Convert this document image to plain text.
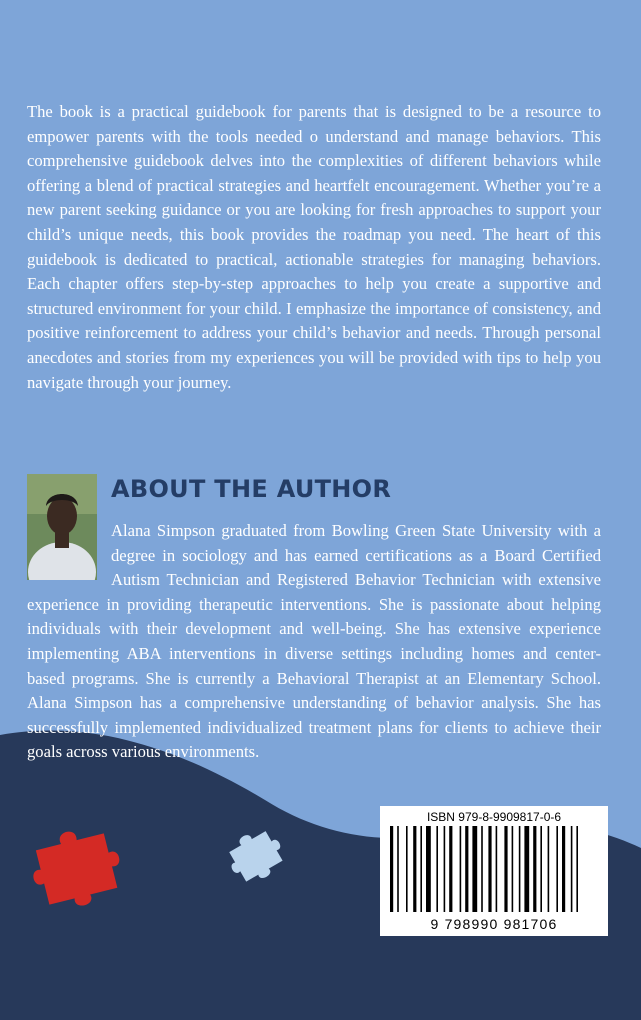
The book is a practical guidebook for parents that is designed to be a resource to empower parents with the tools needed o understand and manage behaviors. This comprehensive guidebook delves into the complexities of different behaviors while offering a blend of practical strategies and heartfelt encouragement. Whether you’re a new parent seeking guidance or you are looking for fresh approaches to support your child’s unique needs, this book provides the roadmap you need. The heart of this guidebook is dedicated to practical, actionable strategies for managing behaviors. Each chapter offers step-by-step approaches to help you create a supportive and structured environment for your child. I emphasize the importance of consistency, and positive reinforcement to address your child’s behavior and needs. Through personal anecdotes and stories from my experiences you will be provided with tips to help you navigate through your journey.

ABOUT THE AUTHOR

Alana Simpson graduated from Bowling Green State University with a degree in sociology and has earned certifications as a Board Certified Autism Technician and Registered Behavior Technician with extensive experience in providing therapeutic interventions. She is passionate about helping individuals with their development and well-being. She has extensive experience implementing ABA interventions in diverse settings including homes and center-based programs. She is currently a Behavioral Therapist at an Elementary School. Alana Simpson has a comprehensive understanding of behavior analysis. She has successfully implemented individualized treatment plans for clients to achieve their goals across various environments.

ISBN 979-8-9909817-0-6
9 798990 981706
